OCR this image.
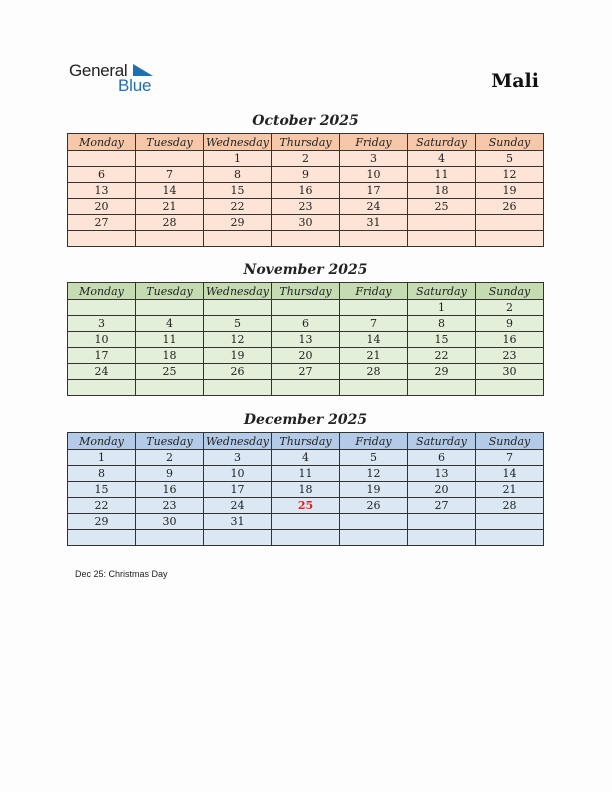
General
Blue	Mali
October 2025
Monday	Tuesday	Wednesday	Thursday	Friday	Saturday	Sunday
		1	2	3	4	5
6	7	8	9	10	11	12
13	14	15	16	17	18	19
20	21	22	23	24	25	26
27	28	29	30	31		

November 2025
Monday	Tuesday	Wednesday	Thursday	Friday	Saturday	Sunday
					1	2
3	4	5	6	7	8	9
10	11	12	13	14	15	16
17	18	19	20	21	22	23
24	25	26	27	28	29	30

December 2025
Monday	Tuesday	Wednesday	Thursday	Friday	Saturday	Sunday
1	2	3	4	5	6	7
8	9	10	11	12	13	14
15	16	17	18	19	20	21
22	23	24	25	26	27	28
29	30	31				

Dec 25: Christmas Day
